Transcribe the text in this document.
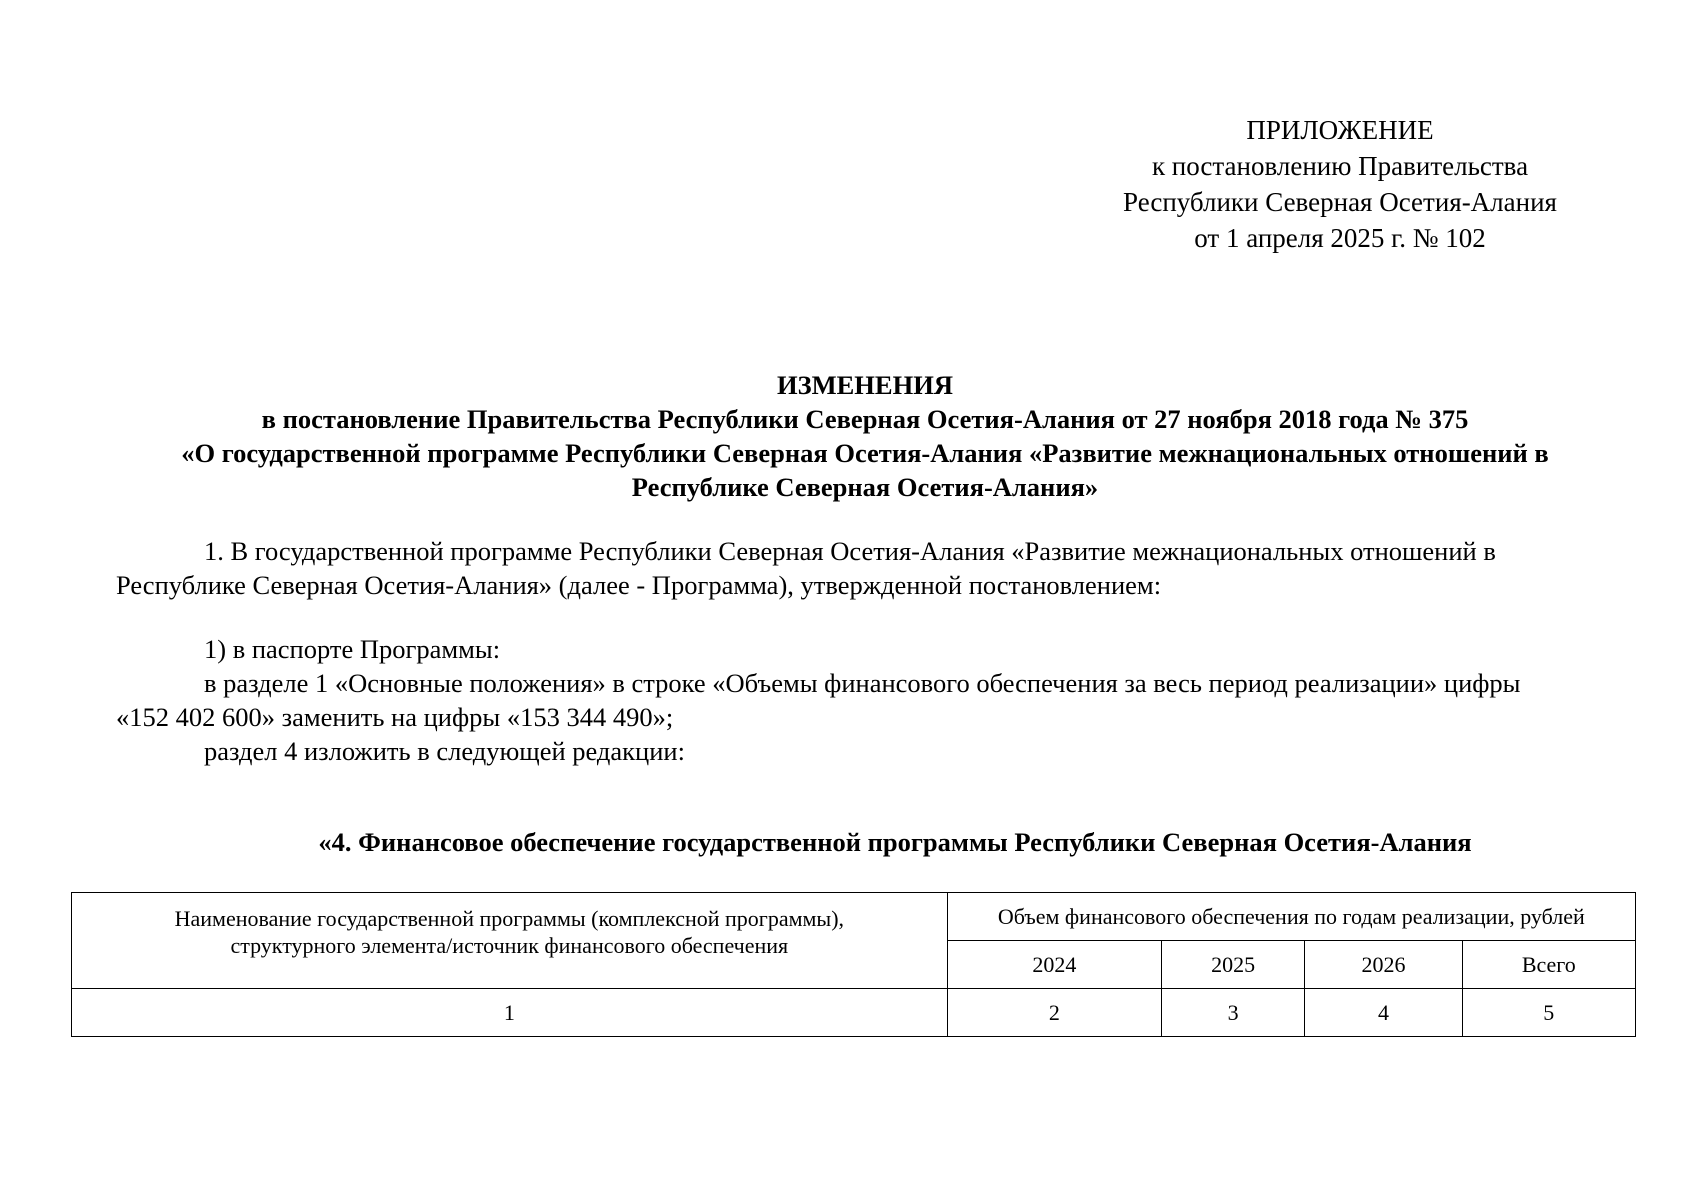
ПРИЛОЖЕНИЕ
к постановлению Правительства
Республики Северная Осетия-Алания
от 1 апреля 2025 г. № 102
ИЗМЕНЕНИЯ
в постановление Правительства Республики Северная Осетия-Алания от 27 ноября 2018 года № 375
«О государственной программе Республики Северная Осетия-Алания «Развитие межнациональных отношений в
Республике Северная Осетия-Алания»
1. В государственной программе Республики Северная Осетия-Алания «Развитие межнациональных отношений в
Республике Северная Осетия-Алания» (далее - Программа), утвержденной постановлением:
1) в паспорте Программы:
в разделе 1 «Основные положения» в строке «Объемы финансового обеспечения за весь период реализации» цифры
«152 402 600» заменить на цифры «153 344 490»;
раздел 4 изложить в следующей редакции:
«4. Финансовое обеспечение государственной программы Республики Северная Осетия-Алания
Наименование государственной программы (комплексной программы),
структурного элемента/источник финансового обеспечения	Объем финансового обеспечения по годам реализации, рублей			
	2024	2025	2026	Всего
1	2	3	4	5
